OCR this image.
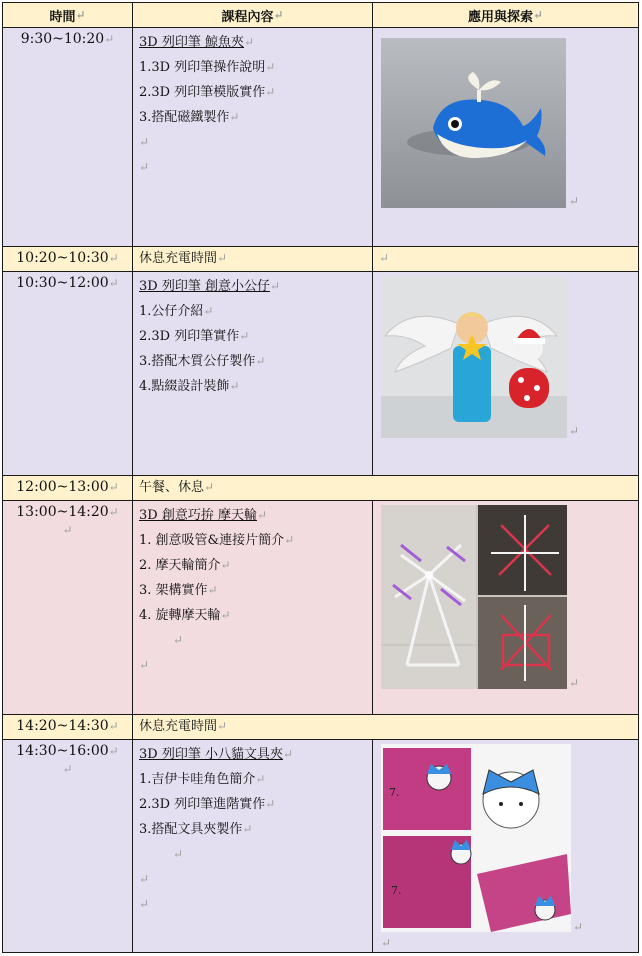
時間 ↵	課程內容 ↵	應用與探索 ↵
9:30~10:20↵	3D 列印筆 鯨魚夾↵
1.3D 列印筆操作說明↵
2.3D 列印筆模版實作↵
3.搭配磁鐵製作↵
↵
↵
↵
10:20~10:30↵	休息充電時間↵	↵
10:30~12:00↵	3D 列印筆 創意小公仔↵
1.公仔介紹↵
2.3D 列印筆實作↵
3.搭配木質公仔製作↵
4.點綴設計裝飾↵
↵
12:00~13:00↵	午餐、休息↵
13:00~14:20↵
↵
3D 創意巧拚 摩天輪↵
1. 創意吸管&連接片簡介↵
2. 摩天輪簡介↵
3. 架構實作↵
4. 旋轉摩天輪↵
↵
↵
↵
14:20~14:30↵	休息充電時間↵
14:30~16:00↵
↵
3D 列印筆 小八貓文具夾↵
1.吉伊卡哇角色簡介↵
2.3D 列印筆進階實作↵
3.搭配文具夾製作↵
↵
↵
↵
7.
7.
↵
↵
